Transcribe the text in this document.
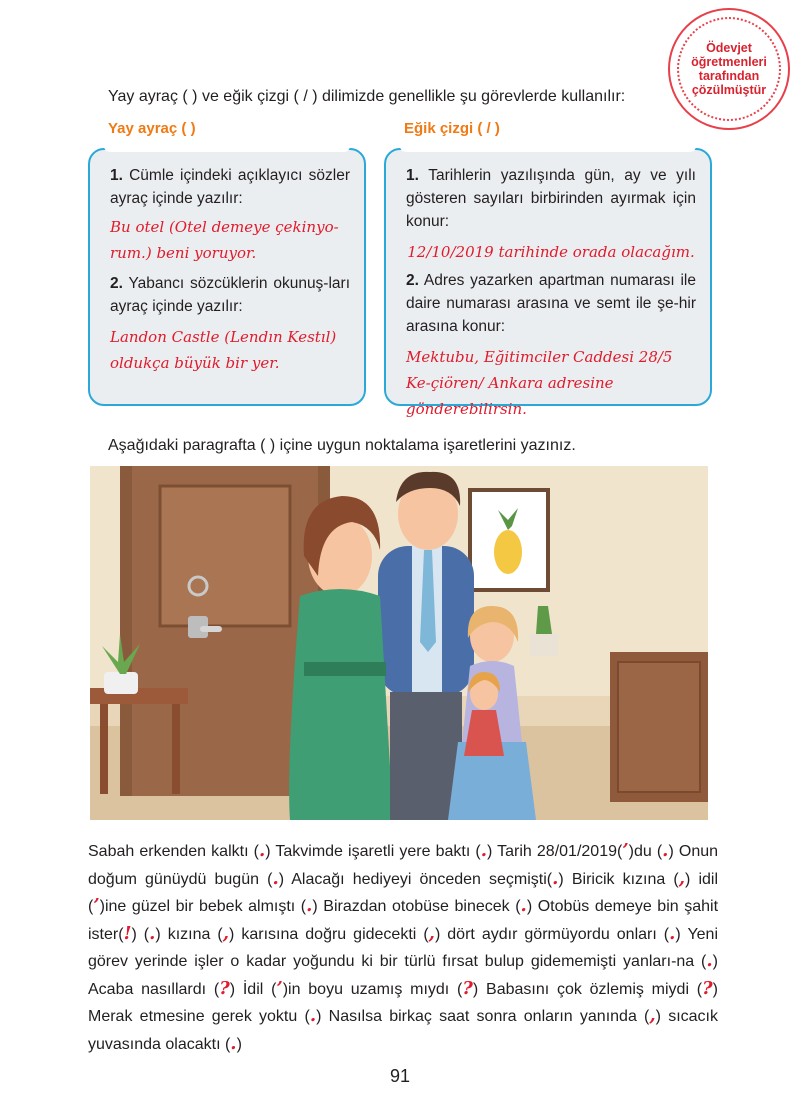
Ödevjet
öğretmenleri
tarafından
çözülmüştür
Yay ayraç ( ) ve eğik çizgi ( / ) dilimizde genellikle şu görevlerde kullanılır:
Yay ayraç ( )	Eğik çizgi ( / )
1. Cümle içindeki açıklayıcı sözler ayraç içinde yazılır:
Bu otel (Otel demeye çekinyo-rum.) beni yoruyor.
2. Yabancı sözcüklerin okunuş-ları ayraç içinde yazılır:
Landon Castle (Lendın Kestıl) oldukça büyük bir yer.
1. Tarihlerin yazılışında gün, ay ve yılı gösteren sayıları birbirinden ayırmak için konur:
12/10/2019 tarihinde orada olacağım.
2. Adres yazarken apartman numarası ile daire numarası arasına ve semt ile şe-hir arasına konur:
Mektubu, Eğitimciler Caddesi 28/5 Ke-çiören/ Ankara adresine gönderebilirsin.
Aşağıdaki paragrafta ( ) içine uygun noktalama işaretlerini yazınız.
Sabah erkenden kalktı (.) Takvimde işaretli yere baktı (.) Tarih 28/01/2019(’)du (.) Onun doğum günüydü bugün (.) Alacağı hediyeyi önceden seçmişti(.) Biricik kızına (,) idil (’)ine güzel bir bebek almıştı (.) Birazdan otobüse binecek (.) Otobüs demeye bin şahit ister(!) (.) kızına (,) karısına doğru gidecekti (,) dört aydır görmüyordu onları (.) Yeni görev yerinde işler o kadar yoğundu ki bir türlü fırsat bulup gidememişti yanları-na (.) Acaba nasıllardı (?) İdil (’)in boyu uzamış mıydı (?) Babasını çok özlemiş miydi (?) Merak etmesine gerek yoktu (.) Nasılsa birkaç saat sonra onların yanında (,) sıcacık yuvasında olacaktı (.)
91
